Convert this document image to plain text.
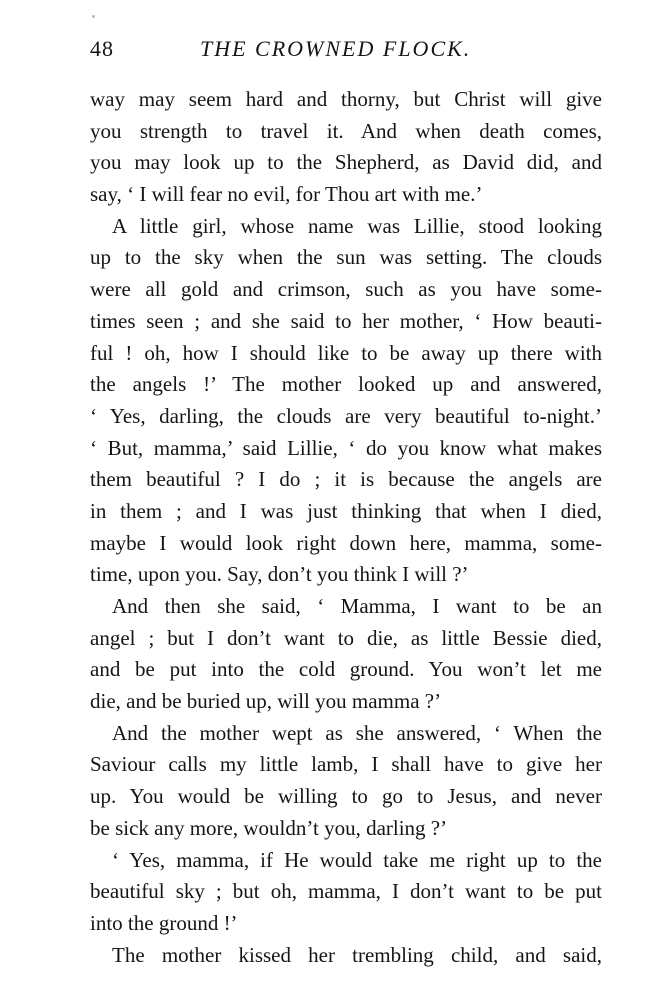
48	THE CROWNED FLOCK.
way may seem hard and thorny, but Christ will give
you strength to travel it. And when death comes,
you may look up to the Shepherd, as David did, and
say, ‘ I will fear no evil, for Thou art with me.’
A little girl, whose name was Lillie, stood looking
up to the sky when the sun was setting. The clouds
were all gold and crimson, such as you have some-
times seen ; and she said to her mother, ‘ How beauti-
ful ! oh, how I should like to be away up there with
the angels !’ The mother looked up and answered,
‘ Yes, darling, the clouds are very beautiful to-night.’
‘ But, mamma,’ said Lillie, ‘ do you know what makes
them beautiful ? I do ; it is because the angels are
in them ; and I was just thinking that when I died,
maybe I would look right down here, mamma, some-
time, upon you. Say, don’t you think I will ?’
And then she said, ‘ Mamma, I want to be an
angel ; but I don’t want to die, as little Bessie died,
and be put into the cold ground. You won’t let me
die, and be buried up, will you mamma ?’
And the mother wept as she answered, ‘ When the
Saviour calls my little lamb, I shall have to give her
up. You would be willing to go to Jesus, and never
be sick any more, wouldn’t you, darling ?’
‘ Yes, mamma, if He would take me right up to the
beautiful sky ; but oh, mamma, I don’t want to be put
into the ground !’
The mother kissed her trembling child, and said,
